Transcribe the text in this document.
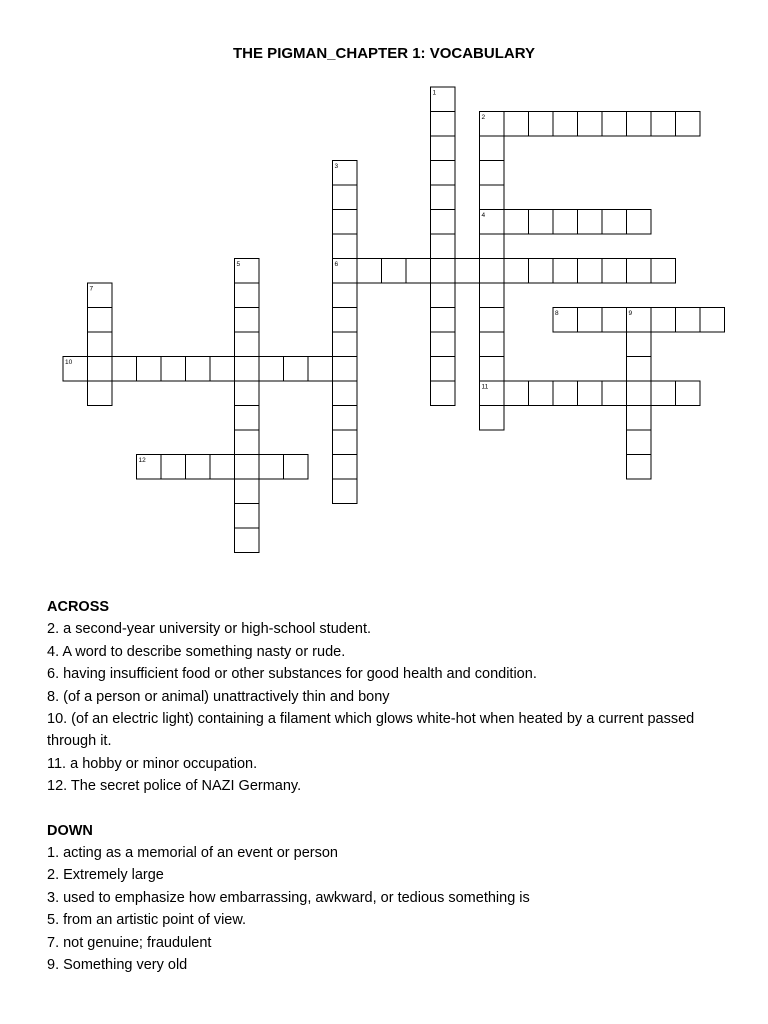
THE PIGMAN_CHAPTER 1: VOCABULARY
1
2
3
4
5	6
7
8	9
10
11
12
ACROSS
2. a second-year university or high-school student.
4. A word to describe something nasty or rude.
6. having insufficient food or other substances for good health and condition.
8. (of a person or animal) unattractively thin and bony
10. (of an electric light) containing a filament which glows white-hot when heated by a current passed through it.
11. a hobby or minor occupation.
12. The secret police of NAZI Germany.
DOWN
1. acting as a memorial of an event or person
2. Extremely large
3. used to emphasize how embarrassing, awkward, or tedious something is
5. from an artistic point of view.
7. not genuine; fraudulent
9. Something very old
